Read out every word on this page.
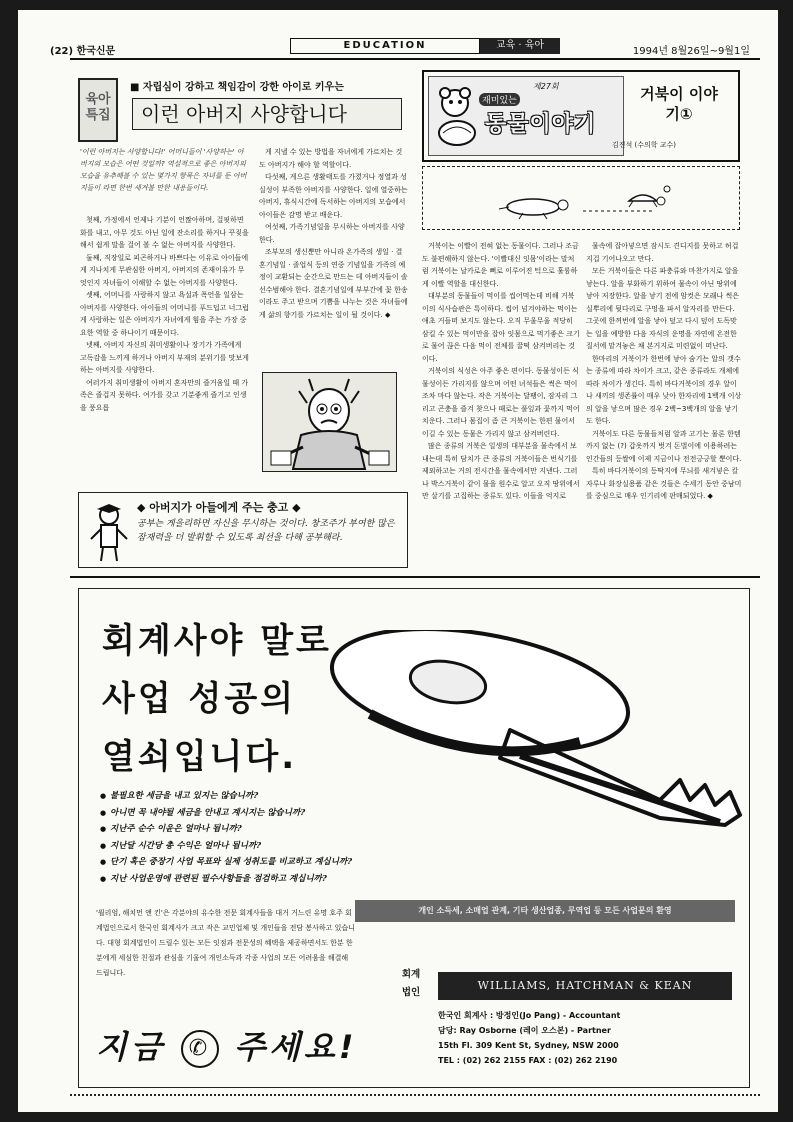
(22) 한국신문
EDUCATION	교육 · 육아
1994년 8월26일~9월1일
육아특집
■ 자립심이 강하고 책임감이 강한 아이로 키우는
이런 아버지 사양합니다
'이런 아버지는 사양합니다!' 어머니들이 '사양하는' 아버지의 모습은 어떤 것일까? 역설적으로 좋은 아버지의 모습을 유추해볼 수 있는 몇가지 항목은 자녀를 둔 아버지들이 라면 한번 새겨볼 만한 내용들이다.

첫째, 가정에서 언제나 기분이 언짢아하며, 걸핏하면 화를 내고, 아무 것도 아닌 일에 잔소리를 하거나 꾸짖을 해서 쉽게 말을 걸어 볼 수 없는 아버지를 사양한다.

둘째, 직장일로 피곤하거나 바쁘다는 이유로 아이들에게 지나치게 무관심한 아버지, 아버지의 존재이유가 무엇인지 자녀들이 이해할 수 없는 아버지를 사양한다.

셋째, 어머니를 사랑하지 않고 욕설과 폭언을 일삼는 아버지를 사양한다. 아이들의 어머니를 푸드덥고 너그럽게 사랑하는 일은 아버지가 자녀에게 힘을 주는 가장 중요한 역할 중 하나이기 때문이다.

넷째, 아버지 자신의 취미생활이나 장기가 가족에게 고독감을 느끼게 하거나 아버지 부재의 분위기를 맛보게 하는 아버지를 사양한다.

여러가지 취미생활이 아버지 혼자만의 즐거움일 때 가족은 즐겁지 못하다. 여가를 갖고 기분좋게 즐기고 인생을 풍요롭

게 지낼 수 있는 방법을 자녀에게 가르치는 것도 아버지가 해야 할 역할이다.

다섯째, 게으른 생활태도를 가졌거나 정열과 성실성이 부족한 아버지를 사양한다. 일에 열중하는 아버지, 휴식시간에 독서하는 아버지의 모습에서 아이들은 감명 받고 배운다.

여섯째, 가족기념일을 무시하는 아버지를 사양한다.

조부모의 생신뿐만 아니라 온가족의 생일 · 결혼기념일 · 졸업식 등의 연중 기념일을 가족의 예정이 교환되는 순간으로 만드는 데 아버지들이 솔선수범해야 한다. 결혼기념일에 부부간에 꽃 한송이라도 주고 받으며 기쁨을 나누는 것은 자녀들에게 삶의 향기를 가르치는 일이 될 것이다. ◆

◆ 아버지가 아들에게 주는 충고 ◆
공부는 게을리하면 자신을 무시하는 것이다. 창조주가 부여한 많은 잠재력을 더 발휘할 수 있도록 최선을 다해 공부해라.
재미있는
제27회
동물이야기
거북이 이야기①
김진석 (수의학 교수)

거북이는 이빨이 전혀 없는 동물이다. 그러나 조금도 불편해하지 않는다. '이빨대신 잇몸'이라는 말처럼 거북이는 날카로운 뼈로 이루어진 턱으로 훌륭하게 이빨 역할을 대신한다.

대부분의 동물들이 먹이를 씹어먹는데 비해 거북이의 식사습관은 특이하다. 씹어 넘겨야하는 먹이는 애초 거들떠 보지도 않는다. 오직 무울무울 적당히 삼킬 수 있는 먹이만을 잡아 잇몸으로 먹기좋은 크기로 물어 끊은 다음 먹이 전체를 꿀떡 삼켜버리는 것이다.

거북이의 식성은 아주 좋은 편이다. 동물성이든 식물성이든 가리지를 않으며 어떤 녀석들은 썩은 먹이조차 마다 않는다. 작은 거북이는 달팽이, 잠자리 그리고 곤충을 즐겨 찾으나 때로는 풀잎과 꽃까지 먹어치운다. 그러나 몸집이 좀 큰 거북이는 한편 물어서 이길 수 있는 동물은 가리지 않고 삼켜버린다.

많은 종류의 거북은 일생의 대부분을 물속에서 보내는데 특히 담치가 큰 종류의 거북이들은 번식기를 제외하고는 거의 전시간을 물속에서만 지낸다. 그러나 박스거북이 같이 물을 원수로 알고 오직 땅위에서만 살기를 고집하는 종류도 있다. 이들을 억지로

물속에 잡아넣으면 잠시도 견디지를 못하고 허겁지겁 기어나오고 만다.

모든 거북이들은 다른 파충류와 마찬가지로 알을 낳는다. 알을 부화하기 위하여 물속이 아닌 땅위에 낳아 저장한다. 알을 낳기 전에 암컷은 모래나 썩은 실뿌리에 뒷다리로 구멍을 파서 알자리를 만든다. 그곳에 한꺼번에 알을 낳아 덮고 다시 덮어 도독맞는 일을 예방한 다음 자식의 운명을 자연에 온전한 질서에 맡겨놓은 채 본거지로 미련없이 떠난다.

한마리의 거북이가 한번에 낳아 숨기는 알의 갯수는 종류에 따라 차이가 크고, 같은 종류라도 개체에 따라 차이가 생긴다. 특히 바다거북이의 경우 알이나 새끼의 생존률이 매우 낮아 한자리에 1백개 이상의 알을 낳으며 많은 경우 2백~3백개의 알을 낳기도 한다.

거북이도 다른 동물들처럼 알과 고기는 물론 한템까지 없는 (?) 갑옷까지 벗겨 돈벌이에 이용하려는 인간들의 등쌀에 이제 지금이나 전전긍긍할 뿐이다.

특히 바다거북이의 등딱지에 무늬를 새겨넣은 칼자루나 화장실용품 같은 것들은 수세기 동안 중남미를 중심으로 매우 인기리에 판매되었다. ◆

회계사야 말로
사업 성공의
열쇠입니다.
● 불필요한 세금을 내고 있지는 않습니까?
● 아니면 꼭 내야될 세금을 안내고 계시지는 않습니까?
● 지난주 순수 이윤은 얼마나 됩니까?
● 지난달 시간당 총 수익은 얼마나 됩니까?
● 단기 혹은 중장기 사업 목표와 실제 성취도를 비교하고 계십니까?
● 지난 사업운영에 관련된 필수사항들을 점검하고 계십니까?
개인 소득세, 소매업 관계, 기타 생산업종, 무역업 등 모든 사업문의 환영
'윌리엄, 해치먼 앤 킨'은 각분야의 유수한 전문 회계사들을 대거 거느린 유명 호주 회계법인으로서 한국인 회계사가 크고 작은 교민업체 및 개인들을 전담 봉사하고 있습니다. 대형 회계법인이 드릴수 있는 모든 잇점과 전문성의 혜택을 제공하면서도 한분 한분에게 세심한 친절과 관심을 기울여 개인소득과 각종 사업의 모든 어려움을 해결해 드립니다.	회계 법인
WILLIAMS, HATCHMAN & KEAN
한국인 회계사 : 방정인(Jo Pang) - Accountant
담당: Ray Osborne (레이 오스본) - Partner
15th Fl. 309 Kent St, Sydney, NSW 2000
TEL : (02) 262 2155 FAX : (02) 262 2190
지금 ✆ 주세요!
